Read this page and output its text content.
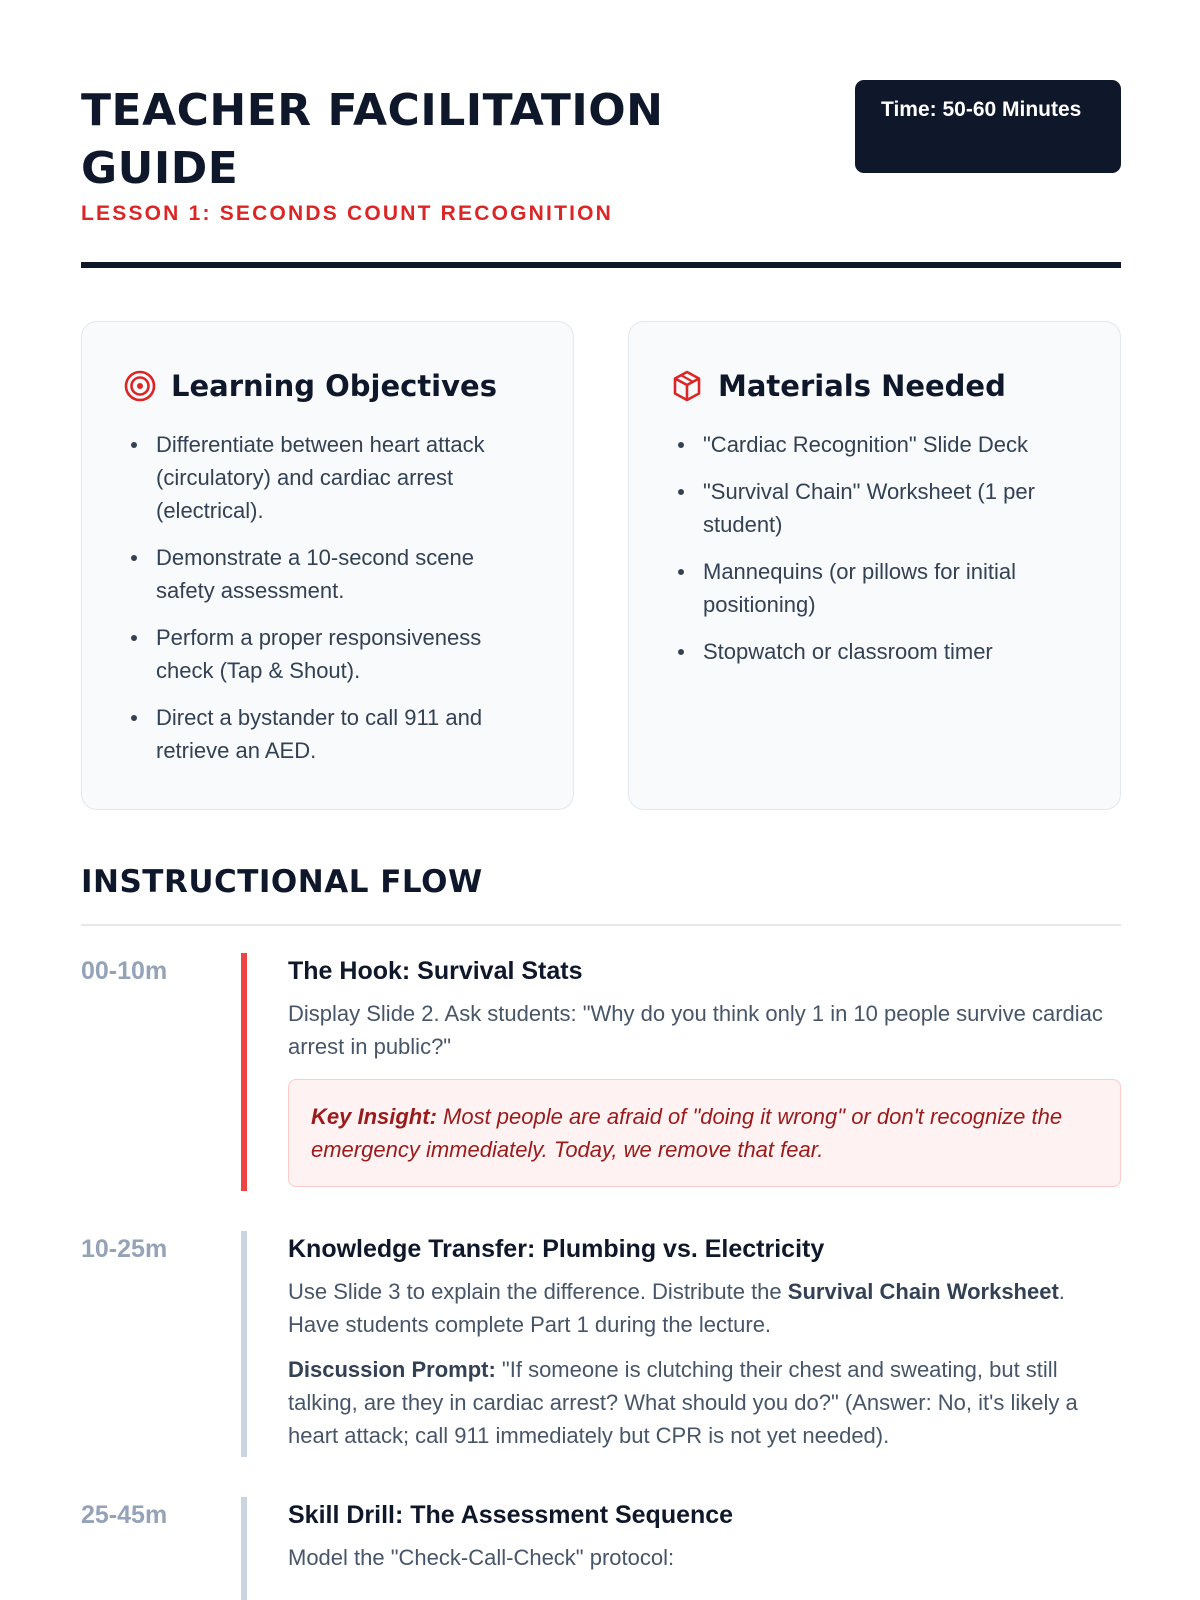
TEACHER FACILITATION GUIDE
LESSON 1: SECONDS COUNT RECOGNITION
Time: 50-60 Minutes
Learning Objectives
Differentiate between heart attack (circulatory) and cardiac arrest (electrical).
Demonstrate a 10-second scene safety assessment.
Perform a proper responsiveness check (Tap & Shout).
Direct a bystander to call 911 and retrieve an AED.
Materials Needed
"Cardiac Recognition" Slide Deck
"Survival Chain" Worksheet (1 per student)
Mannequins (or pillows for initial positioning)
Stopwatch or classroom timer
INSTRUCTIONAL FLOW
00-10m	The Hook: Survival Stats
Display Slide 2. Ask students: "Why do you think only 1 in 10 people survive cardiac arrest in public?"
Key Insight: Most people are afraid of "doing it wrong" or don't recognize the emergency immediately. Today, we remove that fear.
10-25m	Knowledge Transfer: Plumbing vs. Electricity
Use Slide 3 to explain the difference. Distribute the Survival Chain Worksheet. Have students complete Part 1 during the lecture.
Discussion Prompt: "If someone is clutching their chest and sweating, but still talking, are they in cardiac arrest? What should you do?" (Answer: No, it's likely a heart attack; call 911 immediately but CPR is not yet needed).
25-45m	Skill Drill: The Assessment Sequence
Model the "Check-Call-Check" protocol:
